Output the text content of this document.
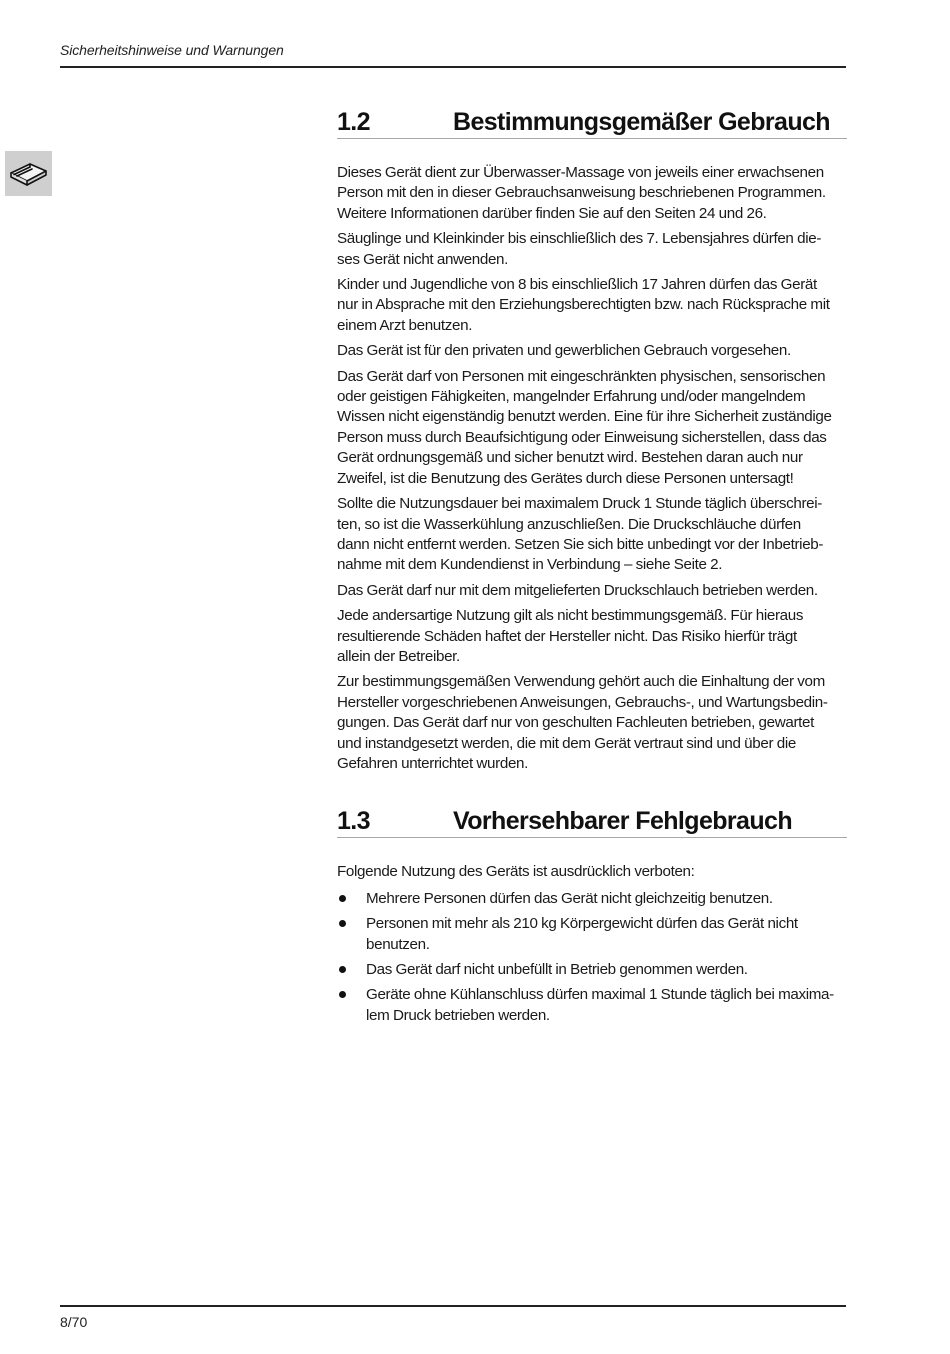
Sicherheitshinweise und Warnungen
1.2	Bestimmungsgemäßer Gebrauch

Dieses Gerät dient zur Überwasser-Massage von jeweils einer erwachsenen
Person mit den in dieser Gebrauchsanweisung beschriebenen Programmen.
Weitere Informationen darüber finden Sie auf den Seiten 24 und 26.

Säuglinge und Kleinkinder bis einschließlich des 7. Lebensjahres dürfen die-
ses Gerät nicht anwenden.

Kinder und Jugendliche von 8 bis einschließlich 17 Jahren dürfen das Gerät
nur in Absprache mit den Erziehungsberechtigten bzw. nach Rücksprache mit
einem Arzt benutzen.

Das Gerät ist für den privaten und gewerblichen Gebrauch vorgesehen.

Das Gerät darf von Personen mit eingeschränkten physischen, sensorischen
oder geistigen Fähigkeiten, mangelnder Erfahrung und/oder mangelndem
Wissen nicht eigenständig benutzt werden. Eine für ihre Sicherheit zuständige
Person muss durch Beaufsichtigung oder Einweisung sicherstellen, dass das
Gerät ordnungsgemäß und sicher benutzt wird. Bestehen daran auch nur
Zweifel, ist die Benutzung des Gerätes durch diese Personen untersagt!

Sollte die Nutzungsdauer bei maximalem Druck 1 Stunde täglich überschrei-
ten, so ist die Wasserkühlung anzuschließen. Die Druckschläuche dürfen
dann nicht entfernt werden. Setzen Sie sich bitte unbedingt vor der Inbetrieb-
nahme mit dem Kundendienst in Verbindung – siehe Seite 2.

Das Gerät darf nur mit dem mitgelieferten Druckschlauch betrieben werden.

Jede andersartige Nutzung gilt als nicht bestimmungsgemäß. Für hieraus
resultierende Schäden haftet der Hersteller nicht. Das Risiko hierfür trägt
allein der Betreiber.

Zur bestimmungsgemäßen Verwendung gehört auch die Einhaltung der vom
Hersteller vorgeschriebenen Anweisungen, Gebrauchs-, und Wartungsbedin-
gungen. Das Gerät darf nur von geschulten Fachleuten betrieben, gewartet
und instandgesetzt werden, die mit dem Gerät vertraut sind und über die
Gefahren unterrichtet wurden.

1.3	Vorhersehbarer Fehlgebrauch

Folgende Nutzung des Geräts ist ausdrücklich verboten:

Mehrere Personen dürfen das Gerät nicht gleichzeitig benutzen.
Personen mit mehr als 210 kg Körpergewicht dürfen das Gerät nicht
benutzen.
Das Gerät darf nicht unbefüllt in Betrieb genommen werden.
Geräte ohne Kühlanschluss dürfen maximal 1 Stunde täglich bei maxima-
lem Druck betrieben werden.
8/70
